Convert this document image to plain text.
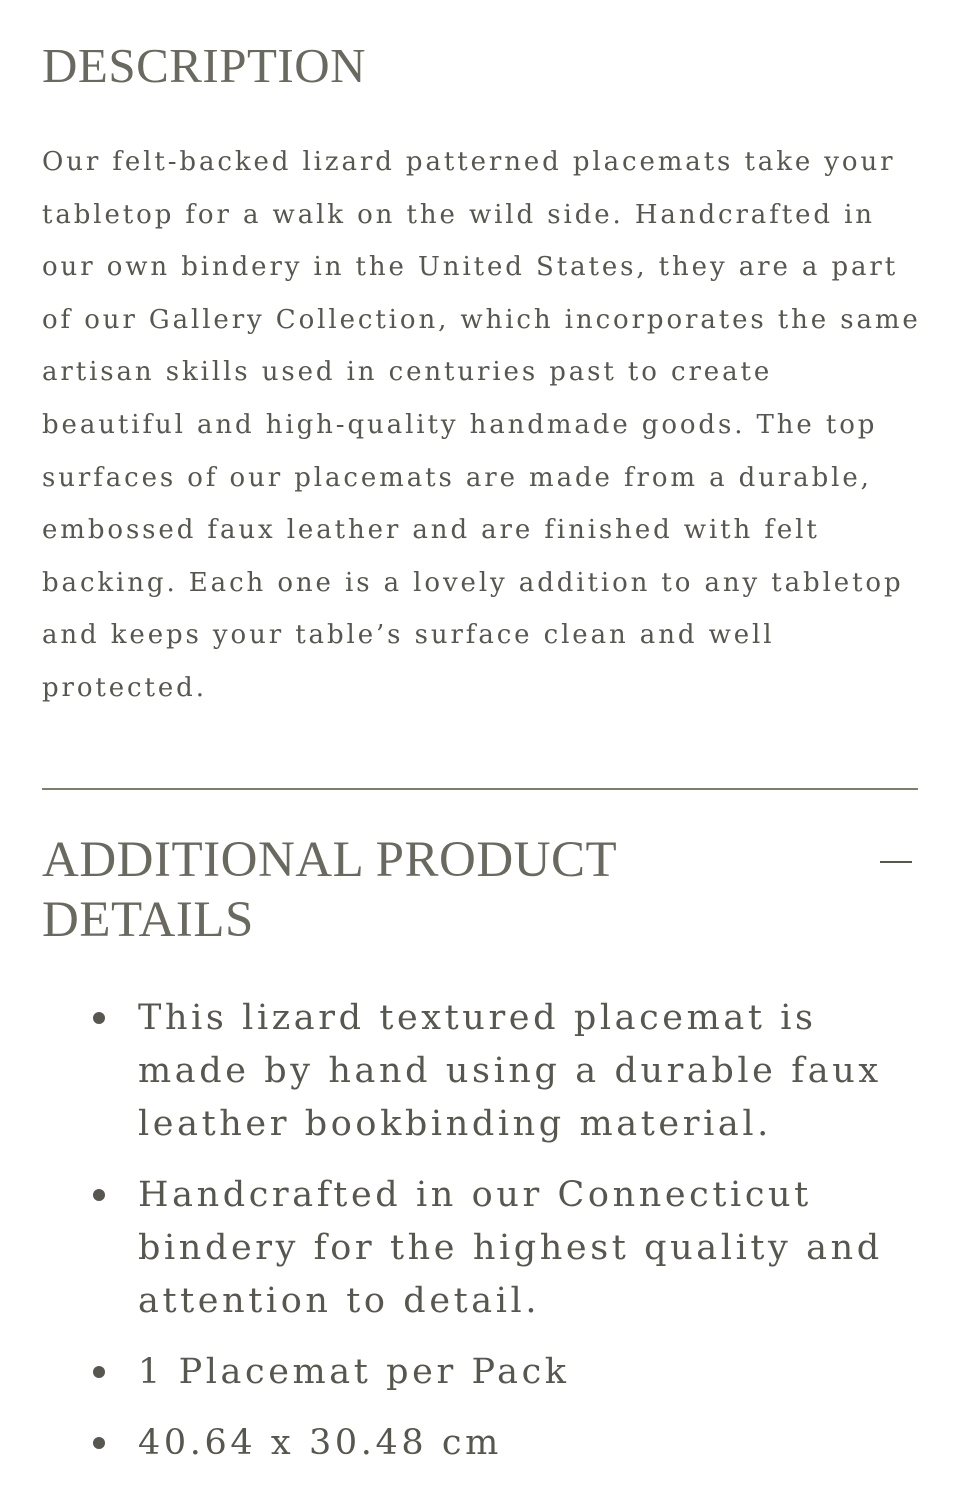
DESCRIPTION

Our felt-backed lizard patterned placemats take your tabletop for a walk on the wild side. Handcrafted in our own bindery in the United States, they are a part of our Gallery Collection, which incorporates the same artisan skills used in centuries past to create beautiful and high-quality handmade goods. The top surfaces of our placemats are made from a durable, embossed faux leather and are finished with felt backing. Each one is a lovely addition to any tabletop and keeps your table’s surface clean and well protected.

ADDITIONAL PRODUCT DETAILS
This lizard textured placemat is made by hand using a durable faux leather bookbinding material.
Handcrafted in our Connecticut bindery for the highest quality and attention to detail.
1 Placemat per Pack
40.64 x 30.48 cm
